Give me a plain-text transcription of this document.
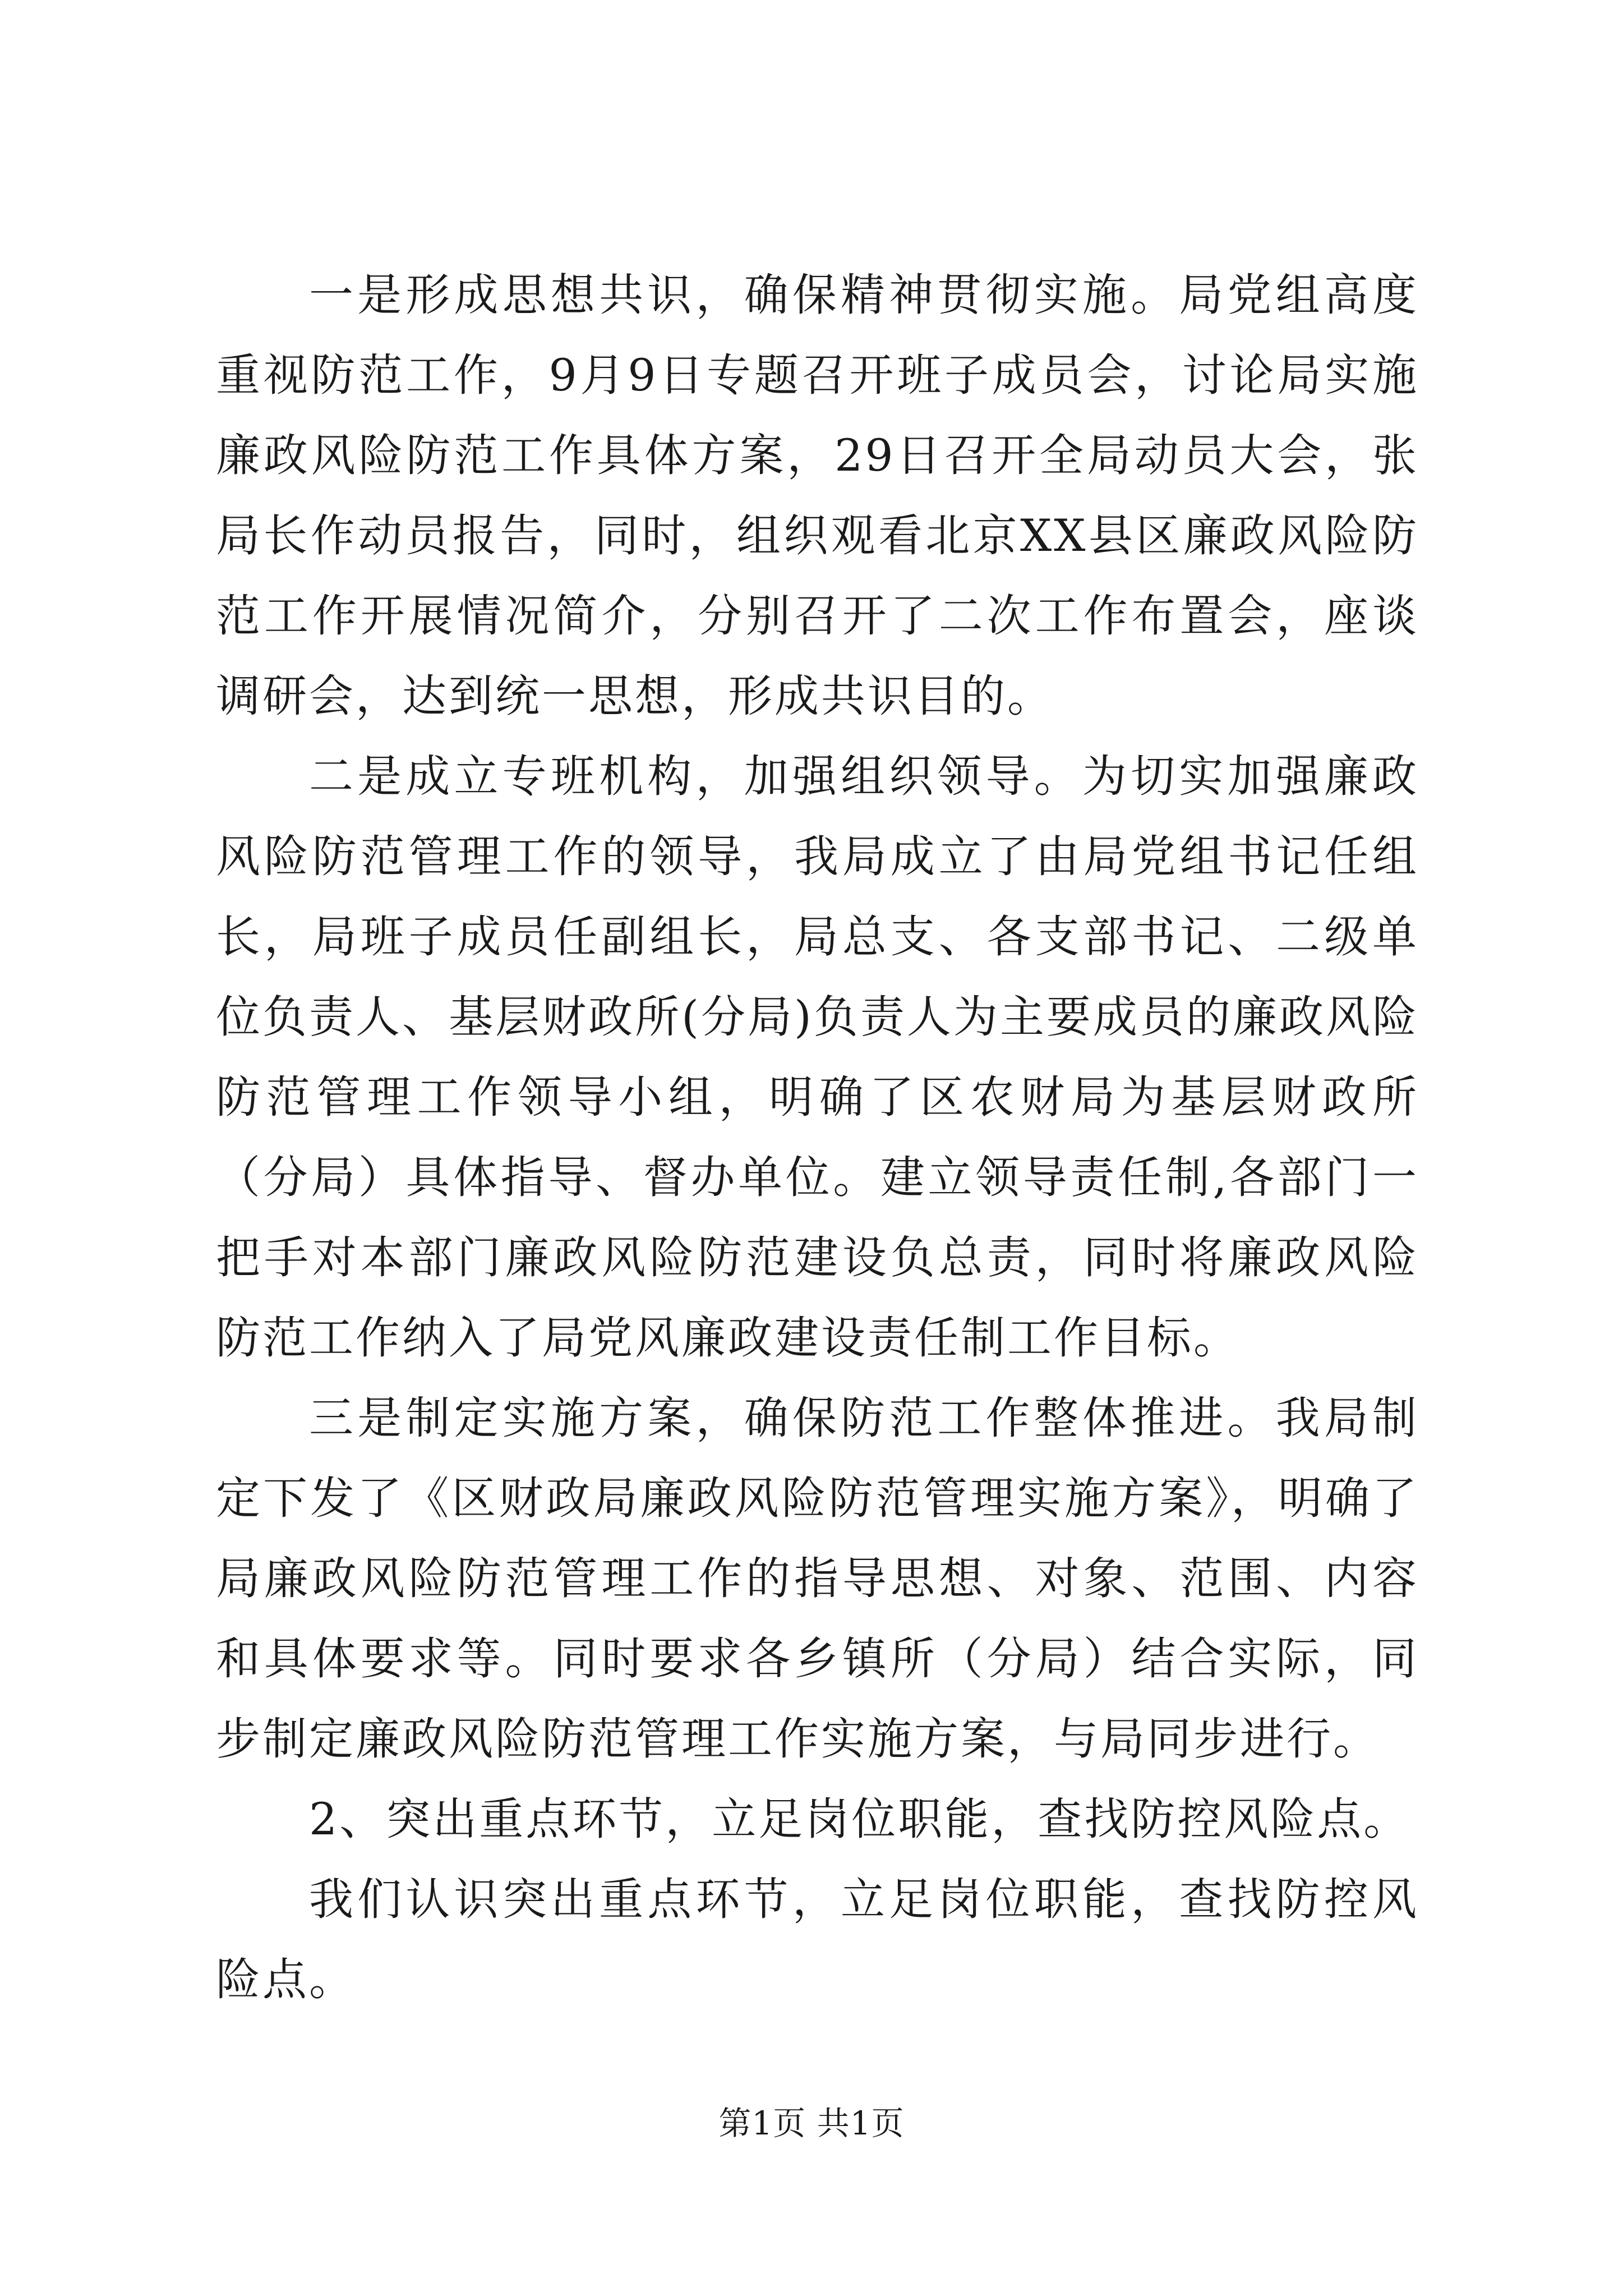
一是形成思想共识，确保精神贯彻实施。局党组高度重视防范工作，9月9日专题召开班子成员会，讨论局实施廉政风险防范工作具体方案，29日召开全局动员大会，张局长作动员报告，同时，组织观看北京XX县区廉政风险防范工作开展情况简介，分别召开了二次工作布置会，座谈调研会，达到统一思想，形成共识目的。

二是成立专班机构，加强组织领导。为切实加强廉政风险防范管理工作的领导，我局成立了由局党组书记任组长，局班子成员任副组长，局总支、各支部书记、二级单位负责人、基层财政所(分局)负责人为主要成员的廉政风险防范管理工作领导小组，明确了区农财局为基层财政所（分局）具体指导、督办单位。建立领导责任制,各部门一把手对本部门廉政风险防范建设负总责，同时将廉政风险防范工作纳入了局党风廉政建设责任制工作目标。

三是制定实施方案，确保防范工作整体推进。我局制定下发了《区财政局廉政风险防范管理实施方案》，明确了局廉政风险防范管理工作的指导思想、对象、范围、内容和具体要求等。同时要求各乡镇所（分局）结合实际，同步制定廉政风险防范管理工作实施方案，与局同步进行。

2、突出重点环节，立足岗位职能，查找防控风险点。

我们认识突出重点环节，立足岗位职能，查找防控风险点。

第1页 共1页
